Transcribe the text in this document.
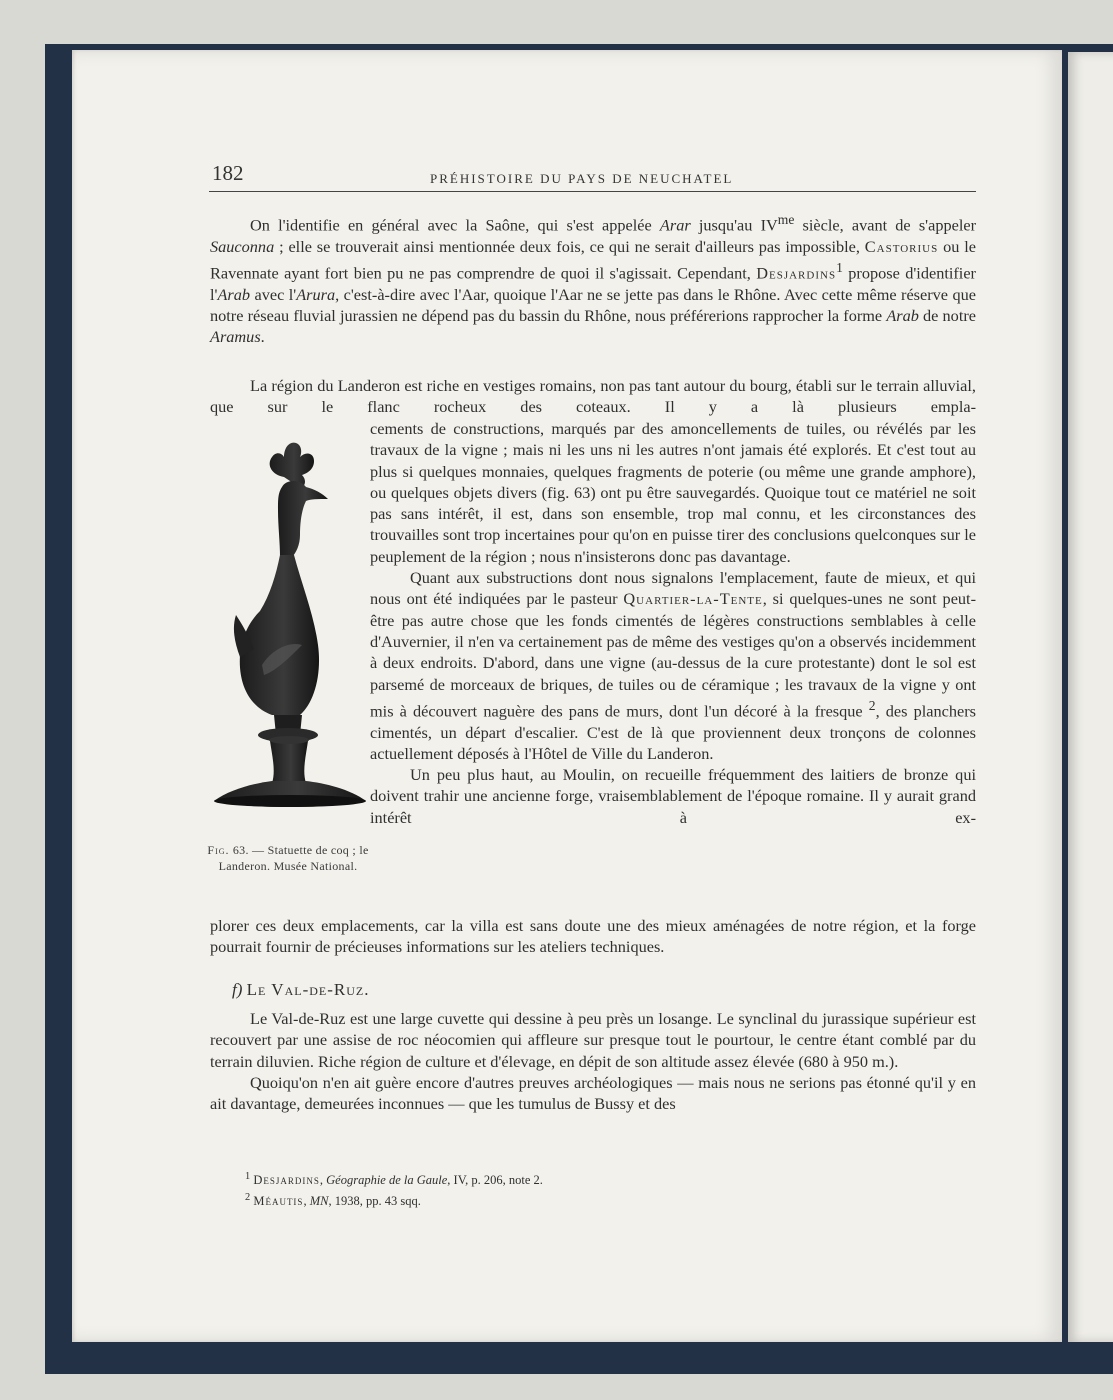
182	PRÉHISTOIRE DU PAYS DE NEUCHATEL

On l'identifie en général avec la Saône, qui s'est appelée Arar jusqu'au $IV^{me}$ siècle, avant de s'appeler Sauconna ; elle se trouverait ainsi mentionnée deux fois, ce qui ne serait d'ailleurs pas impossible, Castorius ou le Ravennate ayant fort bien pu ne pas comprendre de quoi il s'agissait. Cependant, Desjardins$^1$ propose d'identifier l'Arab avec l'Arura, c'est-à-dire avec l'Aar, quoique l'Aar ne se jette pas dans le Rhône. Avec cette même réserve que notre réseau fluvial jurassien ne dépend pas du bassin du Rhône, nous préférerions rapprocher la forme Arab de notre Aramus.

La région du Landeron est riche en vestiges romains, non pas tant autour du bourg, établi sur le terrain alluvial, que sur le flanc rocheux des coteaux. Il y a là plusieurs empla-

cements de constructions, marqués par des amoncellements de tuiles, ou révélés par les travaux de la vigne ; mais ni les uns ni les autres n'ont jamais été explorés. Et c'est tout au plus si quelques monnaies, quelques fragments de poterie (ou même une grande amphore), ou quelques objets divers (fig. 63) ont pu être sauvegardés. Quoique tout ce matériel ne soit pas sans intérêt, il est, dans son ensemble, trop mal connu, et les circonstances des trouvailles sont trop incertaines pour qu'on en puisse tirer des conclusions quelconques sur le peuplement de la région ; nous n'insisterons donc pas davantage.

Quant aux substructions dont nous signalons l'emplacement, faute de mieux, et qui nous ont été indiquées par le pasteur Quartier-la-Tente, si quelques-unes ne sont peut-être pas autre chose que les fonds cimentés de légères constructions semblables à celle d'Auvernier, il n'en va certainement pas de même des vestiges qu'on a observés incidemment à deux endroits. D'abord, dans une vigne (au-dessus de la cure protestante) dont le sol est parsemé de morceaux de briques, de tuiles ou de céramique ; les travaux de la vigne y ont mis à découvert naguère des pans de murs, dont l'un décoré à la fresque $^2$, des planchers cimentés, un départ d'escalier. C'est de là que proviennent deux tronçons de colonnes actuellement déposés à l'Hôtel de Ville du Landeron.

Un peu plus haut, au Moulin, on recueille fréquemment des laitiers de bronze qui doivent trahir une ancienne forge, vraisemblablement de l'époque romaine. Il y aurait grand intérêt à ex-

plorer ces deux emplacements, car la villa est sans doute une des mieux aménagées de notre région, et la forge pourrait fournir de précieuses informations sur les ateliers techniques.

Fig. 63. — Statuette de coq ; le Landeron. Musée National.
f) Le Val-de-Ruz.

Le Val-de-Ruz est une large cuvette qui dessine à peu près un losange. Le synclinal du jurassique supérieur est recouvert par une assise de roc néocomien qui affleure sur presque tout le pourtour, le centre étant comblé par du terrain diluvien. Riche région de culture et d'élevage, en dépit de son altitude assez élevée (680 à 950 m.).

Quoiqu'on n'en ait guère encore d'autres preuves archéologiques — mais nous ne serions pas étonné qu'il y en ait davantage, demeurées inconnues — que les tumulus de Bussy et des

$^1$ Desjardins, Géographie de la Gaule, IV, p. 206, note 2.

$^2$ Méautis, MN, 1938, pp. 43 sqq.
